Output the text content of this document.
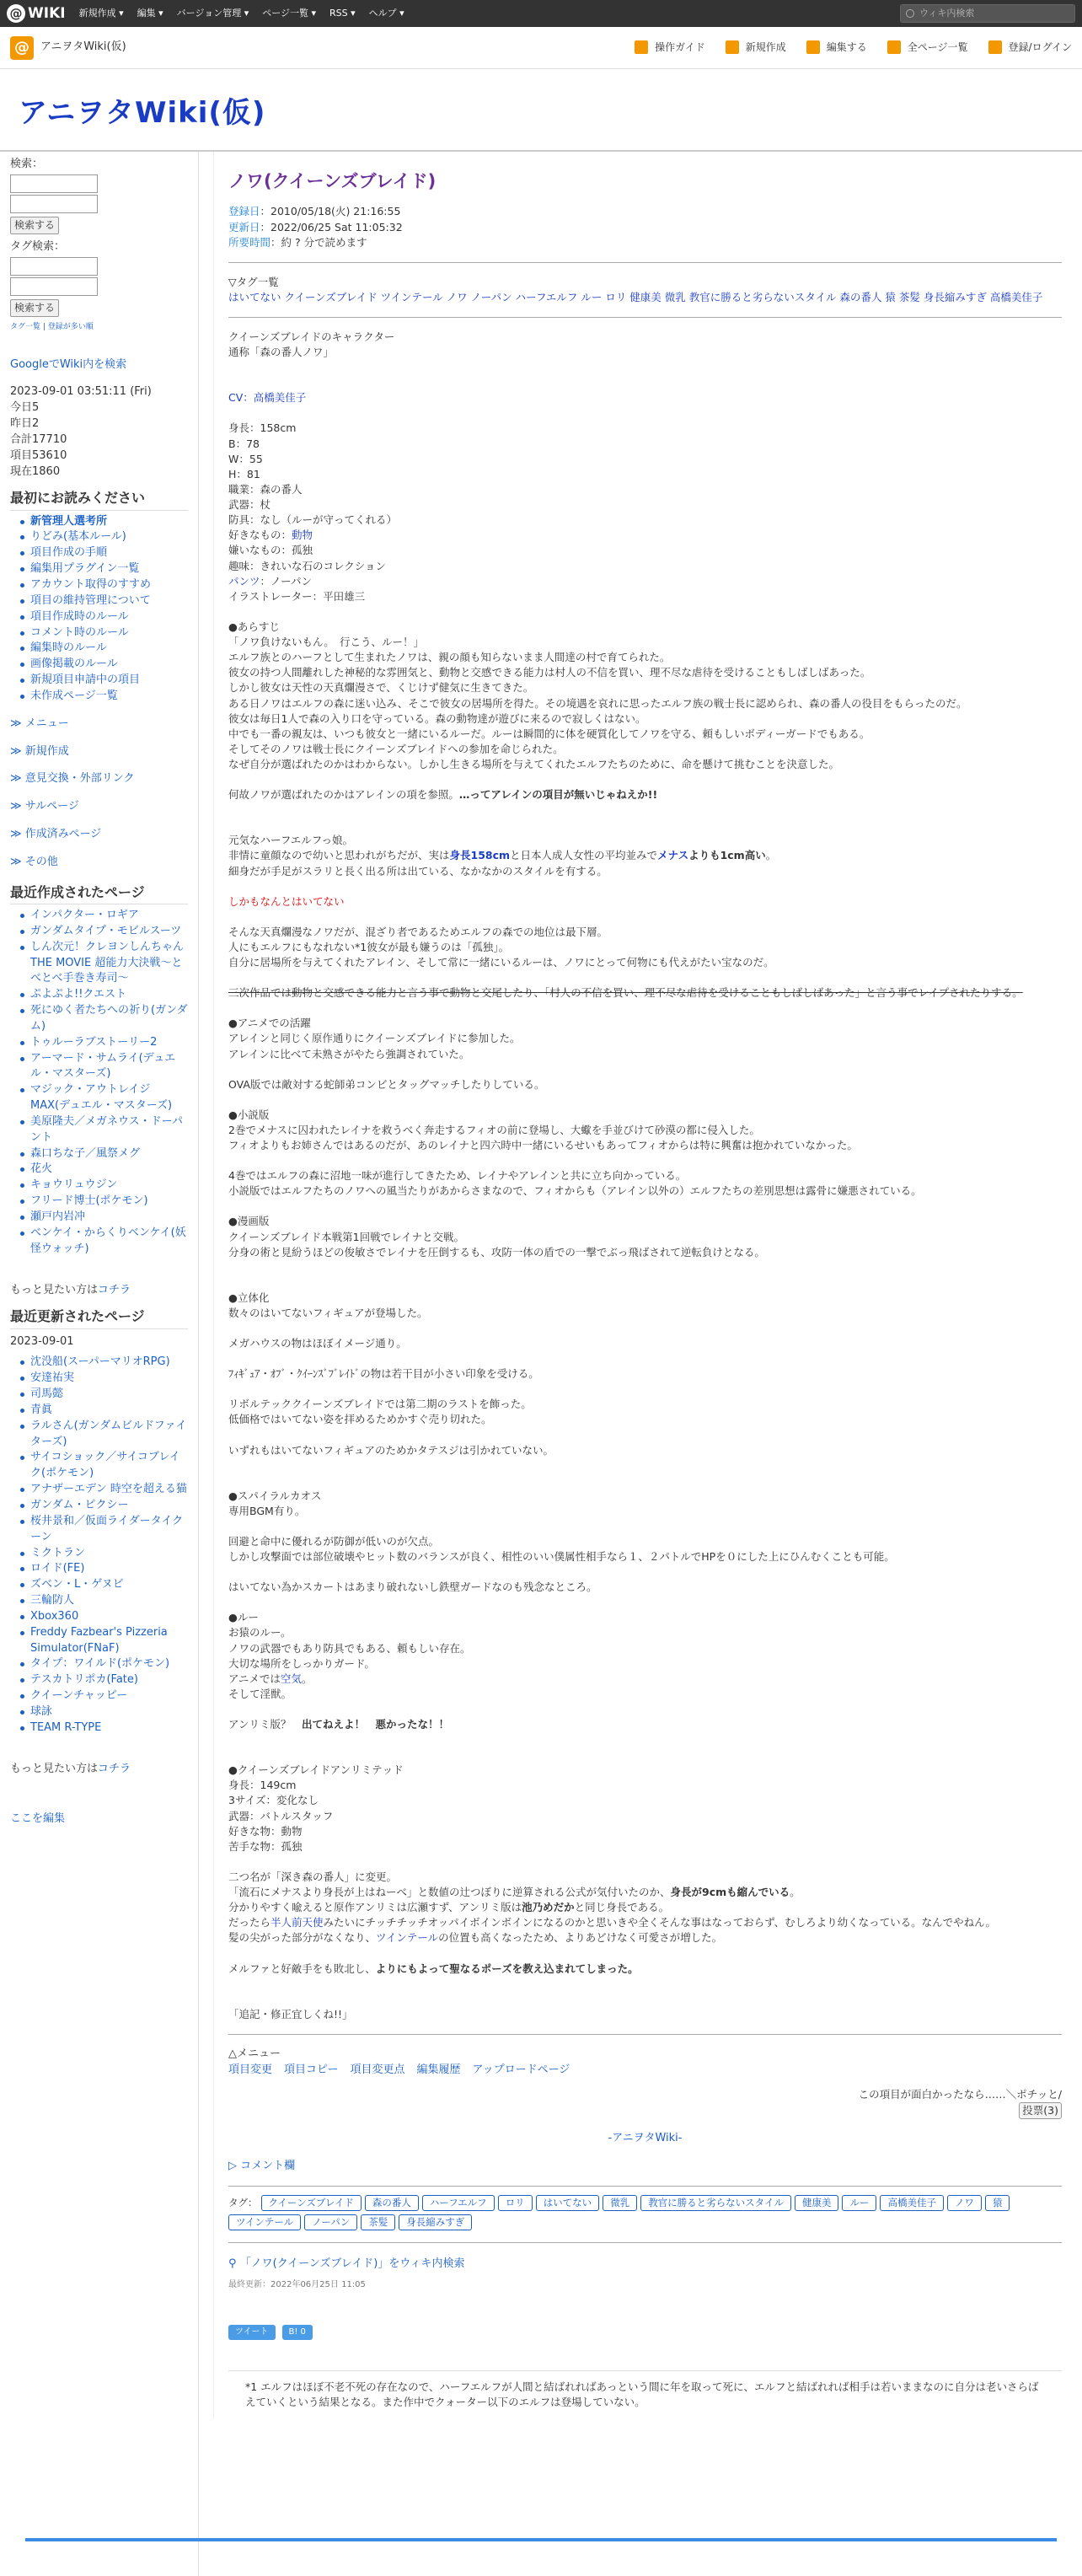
@ WIKI 新規作成 ▾ 編集 ▾ バージョン管理 ▾ ページ一覧 ▾ RSS ▾ ヘルプ ▾	ウィキ内検索
@	アニヲタWiki(仮)	操作ガイド	新規作成	編集する	全ページ一覧	登録/ログイン
アニヲタWiki(仮)
検索：
検索する
タグ検索：
検索する
タグ一覧 | 登録が多い順
GoogleでWiki内を検索
2023-09-01 03:51:11 (Fri)
今日5
昨日2
合計17710
項目53610
現在1860
最初にお読みください
新管理人選考所
りどみ(基本ルール)
項目作成の手順
編集用プラグイン一覧
アカウント取得のすすめ
項目の維持管理について
項目作成時のルール
コメント時のルール
編集時のルール
画像掲載のルール
新規項目申請中の項目
未作成ページ一覧
≫ メニュー
≫ 新規作成
≫ 意見交換・外部リンク
≫ サルページ
≫ 作成済みページ
≫ その他
最近作成されたページ
インパクター・ロギア
ガンダムタイプ・モビルスーツ
しん次元！クレヨンしんちゃん THE MOVIE 超能力大決戦〜とべとべ手巻き寿司〜
ぷよぷよ!!クエスト
死にゆく者たちへの祈り(ガンダム)
トゥルーラブストーリー2
アーマード・サムライ(デュエル・マスターズ)
マジック・アウトレイジMAX(デュエル・マスターズ)
美原隆夫／メガネウス・ドーパント
森口ちな子／風祭メグ
花火
キョウリュウジン
フリード博士(ポケモン)
瀬戸内岩冲
ベンケイ・からくりベンケイ(妖怪ウォッチ)
もっと見たい方はコチラ
最近更新されたページ
2023-09-01
沈没船(スーパーマリオRPG)
安達祐実
司馬懿
青眞
ラルさん(ガンダムビルドファイターズ)
サイコショック／サイコブレイク(ポケモン)
アナザーエデン 時空を超える猫
ガンダム・ピクシー
桜井景和／仮面ライダータイクーン
ミクトラン
ロイド(FE)
ズベン・L・ゲヌビ
三輪防人
Xbox360
Freddy Fazbear's Pizzeria Simulator(FNaF)
タイプ：ワイルド(ポケモン)
テスカトリポカ(Fate)
クイーンチャッピー
球詠
TEAM R-TYPE
もっと見たい方はコチラ
ここを編集
ノワ(クイーンズブレイド)
登録日：2010/05/18(火) 21:16:55
更新日：2022/06/25 Sat 11:05:32
所要時間：約 ? 分で読めます
▽タグ一覧
はいてない クイーンズブレイド ツインテール ノワ ノーパン ハーフエルフ ルー ロリ 健康美 微乳 教官に勝ると劣らないスタイル 森の番人 猿 茶髪 身長縮みすぎ 高橋美佳子

クイーンズブレイドのキャラクター

通称「森の番人ノワ」

CV：高橋美佳子

身長：158cm

B：78

W：55

H：81

職業：森の番人

武器：杖

防具：なし（ルーが守ってくれる）

好きなもの：動物

嫌いなもの：孤独

趣味：きれいな石のコレクション

パンツ：ノーパン

イラストレーター：平田雄三

●あらすじ

「ノワ負けないもん。　行こう、ルー！」

エルフ族とのハーフとして生まれたノワは、親の顔も知らないまま人間達の村で育てられた。

彼女の持つ人間離れした神秘的な雰囲気と、動物と交感できる能力は村人の不信を買い、理不尽な虐待を受けることもしばしばあった。

しかし彼女は天性の天真爛漫さで、くじけず健気に生きてきた。

ある日ノワはエルフの森に迷い込み、そこで彼女の居場所を得た。その境遇を哀れに思ったエルフ族の戦士長に認められ、森の番人の役目をもらったのだ。

彼女は毎日1人で森の入り口を守っている。森の動物達が遊びに来るので寂しくはない。

中でも一番の親友は、いつも彼女と一緒にいるルーだ。ルーは瞬間的に体を硬質化してノワを守る、頼もしいボディーガードでもある。

そしてそのノワは戦士長にクイーンズブレイドへの参加を命じられた。

なぜ自分が選ばれたのかはわからない。しかし生きる場所を与えてくれたエルフたちのために、命を懸けて挑むことを決意した。

何故ノワが選ばれたのかはアレインの項を参照。…ってアレインの項目が無いじゃねえか!!

元気なハーフエルフっ娘。

非情に童顔なので幼いと思われがちだが、実は身長158cmと日本人成人女性の平均並みでメナスよりも1cm高い。

細身だが手足がスラリと長く出る所は出ている、なかなかのスタイルを有する。

しかもなんとはいてない

そんな天真爛漫なノワだが、混ざり者であるためエルフの森での地位は最下層。

人にもエルフにもなれない*1彼女が最も嫌うのは「孤独」。

自分に居場所を与えてくれたアレイン、そして常に一緒にいるルーは、ノワにとって何物にも代えがたい宝なのだ。

三次作品では動物と交感できる能力と言う事で動物と交尾したり、「村人の不信を買い、理不尽な虐待を受けることもしばしばあった」と言う事でレイプされたりする。

●アニメでの活躍

アレインと同じく原作通りにクイーンズブレイドに参加した。

アレインに比べて未熟さがやたら強調されていた。

OVA版では敵対する蛇師弟コンビとタッグマッチしたりしている。

●小説版

2巻でメナスに囚われたレイナを救うべく奔走するフィオの前に登場し、大蠍を手並びけて砂漠の都に侵入した。

フィオよりもお姉さんではあるのだが、あのレイナと四六時中一緒にいるせいもあってフィオからは特に興奮は抱かれていなかった。

4巻ではエルフの森に沼地一味が進行してきたため、レイナやアレインと共に立ち向かっている。

小説版ではエルフたちのノワへの風当たりがあからさまなので、フィオからも（アレイン以外の）エルフたちの差別思想は露骨に嫌悪されている。

●漫画版

クイーンズブレイド本戦第1回戦でレイナと交戦。

分身の術と見紛うほどの俊敏さでレイナを圧倒するも、攻防一体の盾での一撃でぶっ飛ばされて逆転負けとなる。

●立体化

数々のはいてないフィギュアが登場した。

メガハウスの物はほぼイメージ通り。

ﾌｨｷﾞｭｱ・ｵﾌﾞ・ｸｲｰﾝｽﾞﾌﾞﾚｲﾄﾞの物は若干目が小さい印象を受ける。

リボルテッククイーンズブレイドでは第二期のラストを飾った。

低価格ではいてない姿を拝めるためかすぐ売り切れた。

いずれもはいてないフィギュアのためかタテスジは引かれていない。

●スパイラルカオス

専用BGM有り。

回避と命中に優れるが防御が低いのが欠点。

しかし攻撃面では部位破壊やヒット数のバランスが良く、相性のいい僕属性相手なら１、２パトルでHPを０にした上にひんむくことも可能。

はいてない為かスカートはあまり破れないし鉄壁ガードなのも残念なところ。

●ルー

お猿のルー。

ノワの武器でもあり防具でもある、頼もしい存在。

大切な場所をしっかりガード。

アニメでは空気。

そして淫獣。

アンリミ版？　出てねえよ！　悪かったな！！

●クイーンズブレイドアンリミテッド

身長：149cm

3サイズ：変化なし

武器：バトルスタッフ

好きな物：動物

苦手な物：孤独

二つ名が「深き森の番人」に変更。

「流石にメナスより身長が上はねーべ」と数値の辻つぼりに逆算される公式が気付いたのか、身長が9cmも縮んでいる。

分かりやすく喩えると原作アンリミは広瀬すず、アンリミ版は池乃めだかと同じ身長である。

だったら半人前天使みたいにチッチチッチオッパイボインボインになるのかと思いきや全くそんな事はなっておらず、むしろより幼くなっている。なんでやねん。

髪の尖がった部分がなくなり、ツインテールの位置も高くなったため、よりあどけなく可愛さが増した。

メルファと好敵手をも敗北し、よりにもよって聖なるポーズを教え込まれてしまった。

「追記・修正宜しくね!!」

△メニュー
項目変更 項目コピー 項目変更点 編集履歴 アップロードページ
この項目が面白かったなら……＼ポチッと/
投票(3)
-アニヲタWiki-
▷ コメント欄
タグ：	クイーンズブレイド	森の番人	ハーフエルフ	ロリ	はいてない	微乳	教官に勝ると劣らないスタイル	健康美	ルー	高橋美佳子	ノワ	猿
ツインテール	ノーパン	茶髪	身長縮みすぎ
⚲ 「ノワ(クイーンズブレイド)」をウィキ内検索
最終更新：2022年06月25日 11:05
ツイート	B! 0
*1 エルフはほぼ不老不死の存在なので、ハーフエルフが人間と結ばれればあっという間に年を取って死に、エルフと結ばれれば相手は若いままなのに自分は老いさらばえていくという結果となる。また作中でクォーター以下のエルフは登場していない。
